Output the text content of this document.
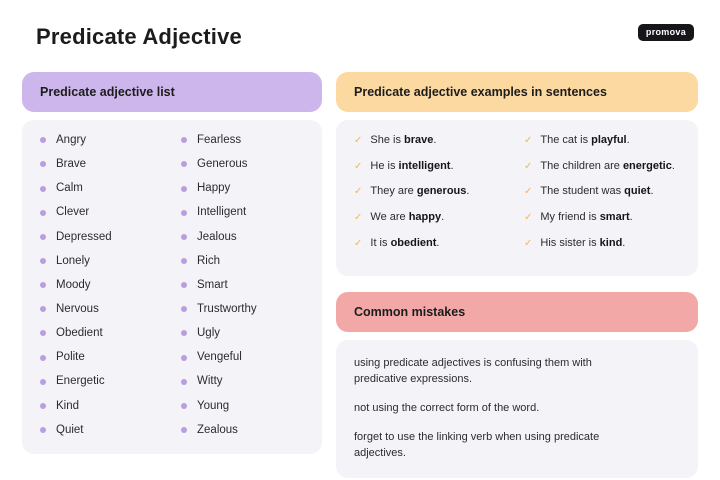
Predicate Adjective	promova
Predicate adjective list
Angry
Brave
Calm
Clever
Depressed
Lonely
Moody
Nervous
Obedient
Polite
Energetic
Kind
Quiet
Fearless
Generous
Happy
Intelligent
Jealous
Rich
Smart
Trustworthy
Ugly
Vengeful
Witty
Young
Zealous
Predicate adjective examples in sentences
✓ She is brave.
✓ He is intelligent.
✓ They are generous.
✓ We are happy.
✓ It is obedient.
✓ The cat is playful.
✓ The children are energetic.
✓ The student was quiet.
✓ My friend is smart.
✓ His sister is kind.
Common mistakes
using predicate adjectives is confusing them with predicative expressions.
not using the correct form of the word.
forget to use the linking verb when using predicate adjectives.
